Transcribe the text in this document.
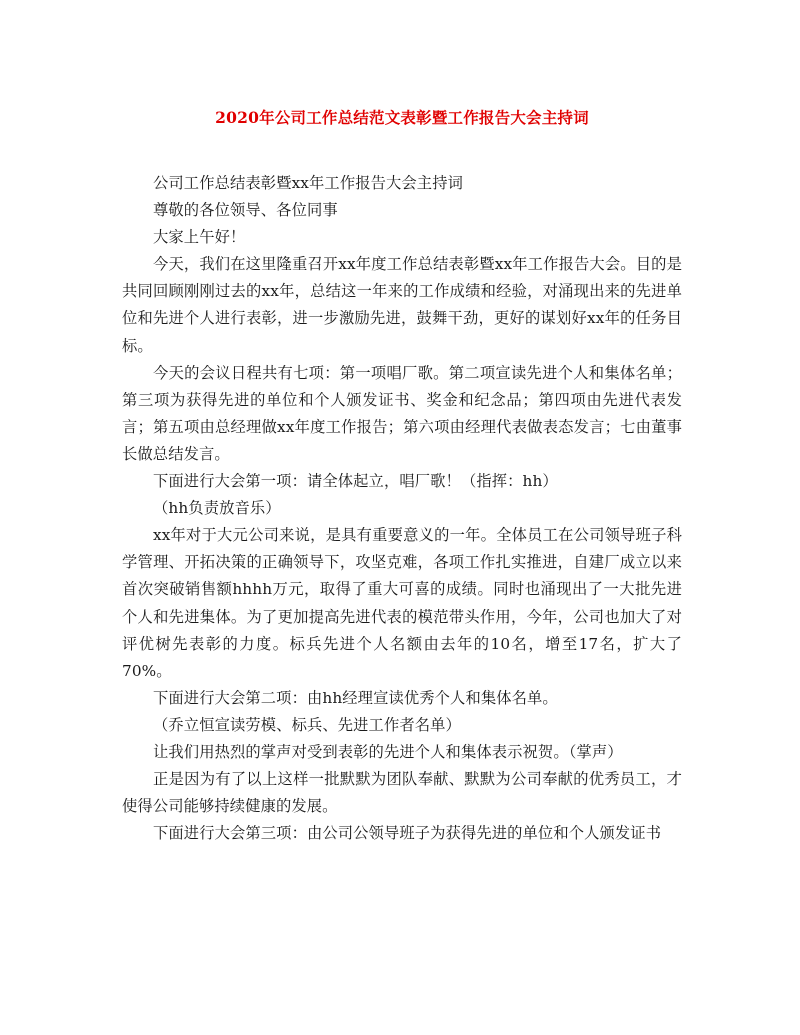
2020年公司工作总结范文表彰暨工作报告大会主持词

公司工作总结表彰暨xx年工作报告大会主持词

尊敬的各位领导、各位同事

大家上午好！

今天，我们在这里隆重召开xx年度工作总结表彰暨xx年工作报告大会。目的是共同回顾刚刚过去的xx年，总结这一年来的工作成绩和经验，对涌现出来的先进单位和先进个人进行表彰，进一步激励先进，鼓舞干劲，更好的谋划好xx年的任务目标。

今天的会议日程共有七项：第一项唱厂歌。第二项宣读先进个人和集体名单；第三项为获得先进的单位和个人颁发证书、奖金和纪念品；第四项由先进代表发言；第五项由总经理做xx年度工作报告；第六项由经理代表做表态发言；七由董事长做总结发言。

下面进行大会第一项：请全体起立，唱厂歌！（指挥：hh）

（hh负责放音乐）

xx年对于大元公司来说，是具有重要意义的一年。全体员工在公司领导班子科学管理、开拓决策的正确领导下，攻坚克难，各项工作扎实推进，自建厂成立以来首次突破销售额hhhh万元，取得了重大可喜的成绩。同时也涌现出了一大批先进个人和先进集体。为了更加提高先进代表的模范带头作用，今年，公司也加大了对评优树先表彰的力度。标兵先进个人名额由去年的10名，增至17名，扩大了70%。

下面进行大会第二项：由hh经理宣读优秀个人和集体名单。

（乔立恒宣读劳模、标兵、先进工作者名单）

让我们用热烈的掌声对受到表彰的先进个人和集体表示祝贺。（掌声）

正是因为有了以上这样一批默默为团队奉献、默默为公司奉献的优秀员工，才使得公司能够持续健康的发展。

下面进行大会第三项：由公司公领导班子为获得先进的单位和个人颁发证书
